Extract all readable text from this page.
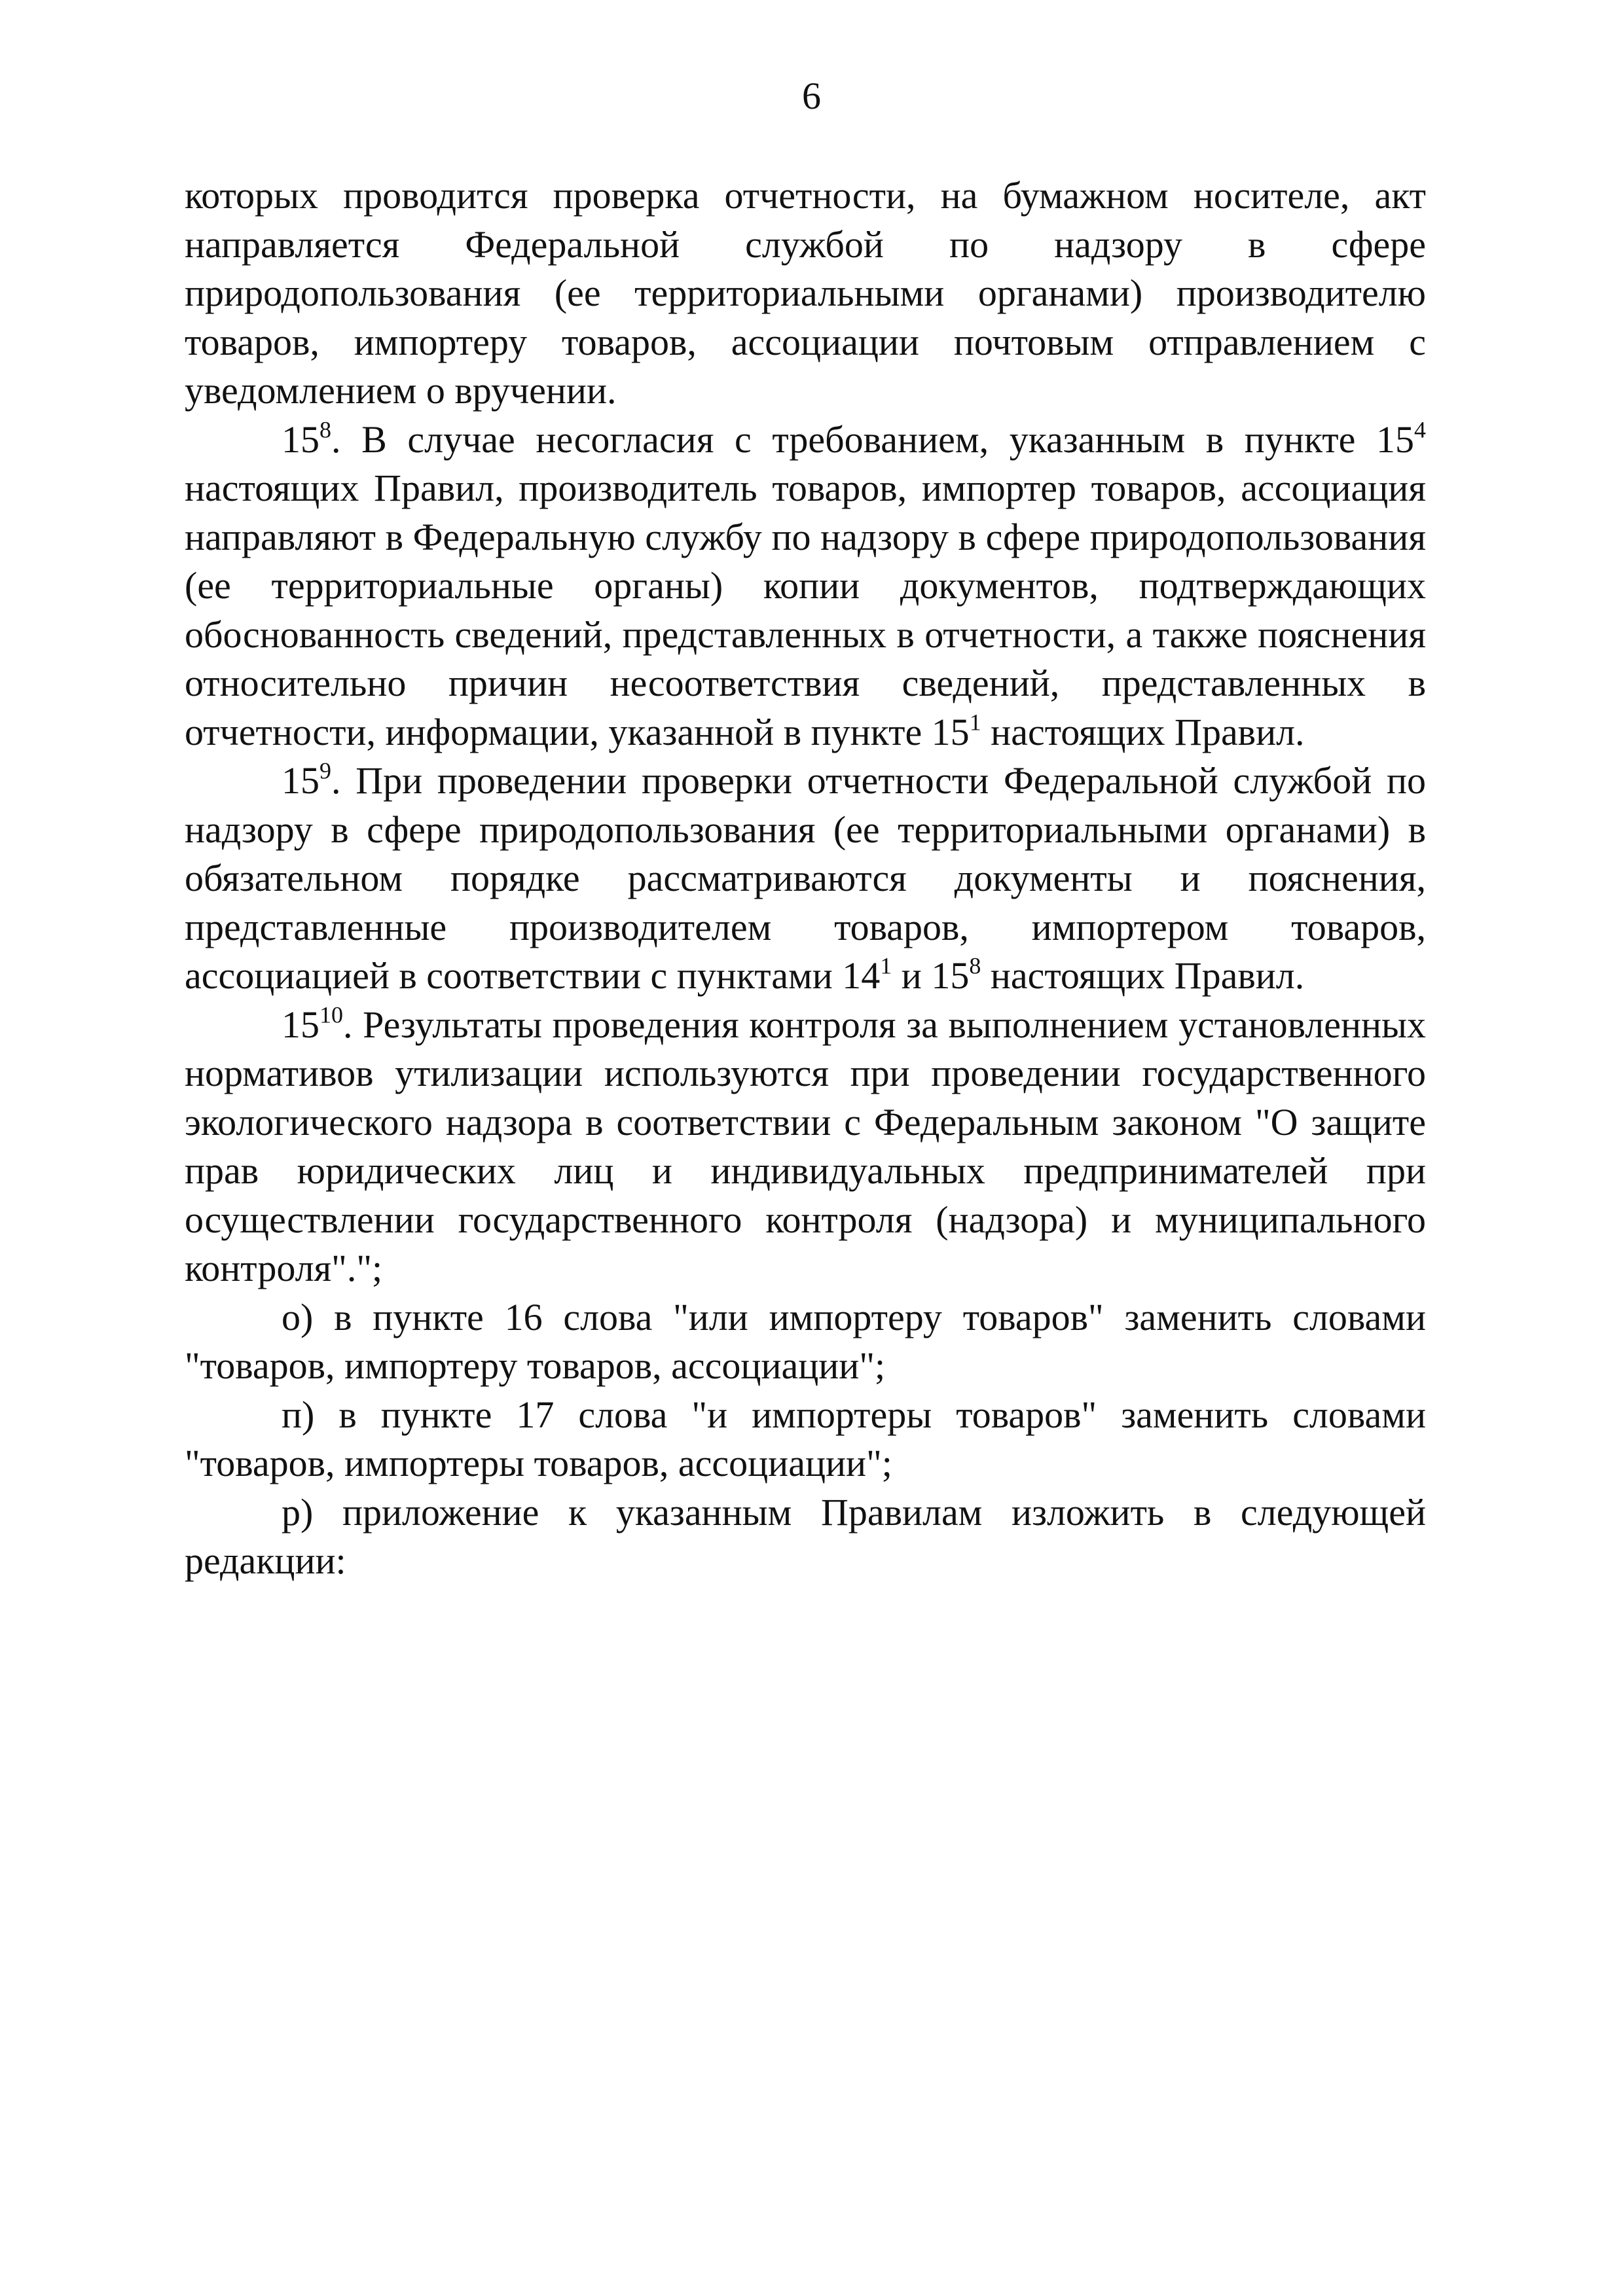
6

которых проводится проверка отчетности, на бумажном носителе, акт направляется Федеральной службой по надзору в сфере природопользования (ее территориальными органами) производителю товаров, импортеру товаров, ассоциации почтовым отправлением с уведомлением о вручении.

$15^8$. В случае несогласия с требованием, указанным в пункте $15^4$ настоящих Правил, производитель товаров, импортер товаров, ассоциация направляют в Федеральную службу по надзору в сфере природопользования (ее территориальные органы) копии документов, подтверждающих обоснованность сведений, представленных в отчетности, а также пояснения относительно причин несоответствия сведений, представленных в отчетности, информации, указанной в пункте $15^1$ настоящих Правил.

$15^9$. При проведении проверки отчетности Федеральной службой по надзору в сфере природопользования (ее территориальными органами) в обязательном порядке рассматриваются документы и пояснения, представленные производителем товаров, импортером товаров, ассоциацией в соответствии с пунктами $14^1$ и $15^8$ настоящих Правил.

$15^{10}$. Результаты проведения контроля за выполнением установленных нормативов утилизации используются при проведении государственного экологического надзора в соответствии с Федеральным законом "О защите прав юридических лиц и индивидуальных предпринимателей при осуществлении государственного контроля (надзора) и муниципального контроля".";

о) в пункте 16 слова "или импортеру товаров" заменить словами "товаров, импортеру товаров, ассоциации";

п) в пункте 17 слова "и импортеры товаров" заменить словами "товаров, импортеры товаров, ассоциации";

р) приложение к указанным Правилам изложить в следующей редакции:
